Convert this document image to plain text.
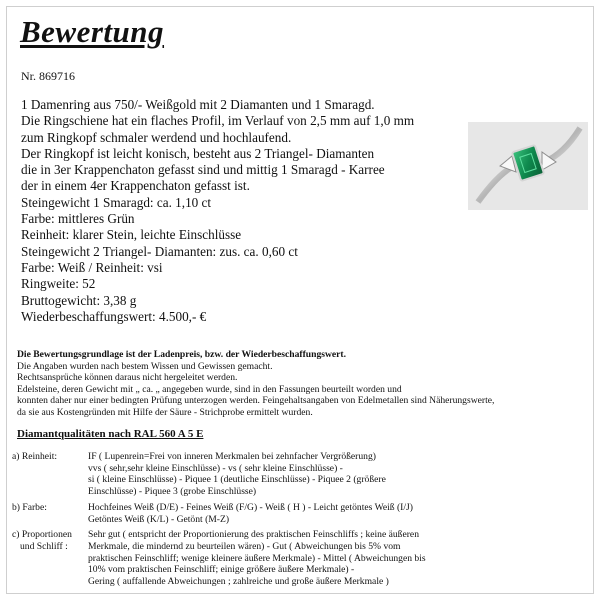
Bewertung
Nr. 869716
1 Damenring aus 750/- Weißgold mit 2 Diamanten und 1 Smaragd.
Die Ringschiene hat ein flaches Profil, im Verlauf von 2,5 mm auf 1,0 mm
zum Ringkopf schmaler werdend und hochlaufend.
Der Ringkopf ist leicht konisch, besteht aus 2 Triangel- Diamanten
die in 3er Krappenchaton gefasst sind und mittig 1 Smaragd - Karree
der in einem 4er Krappenchaton gefasst ist.
Steingewicht 1 Smaragd: ca. 1,10 ct
Farbe: mittleres Grün
Reinheit: klarer Stein, leichte Einschlüsse
Steingewicht 2 Triangel- Diamanten: zus. ca. 0,60 ct
Farbe: Weiß / Reinheit: vsi
Ringweite: 52
Bruttogewicht: 3,38 g
Wiederbeschaffungswert: 4.500,- €
Die Bewertungsgrundlage ist der Ladenpreis, bzw. der Wiederbeschaffungswert.
Die Angaben wurden nach bestem Wissen und Gewissen gemacht.
Rechtsansprüche können daraus nicht hergeleitet werden.
Edelsteine, deren Gewicht mit „ ca. „ angegeben wurde, sind in den Fassungen beurteilt worden und
konnten daher nur einer bedingten Prüfung unterzogen werden. Feingehaltsangaben von Edelmetallen sind Näherungswerte,
da sie aus Kostengründen mit Hilfe der Säure - Strichprobe ermittelt wurden.
Diamantqualitäten nach RAL 560 A 5 E
a) Reinheit:	IF ( Lupenrein=Frei von inneren Merkmalen bei zehnfacher Vergrößerung)
vvs ( sehr,sehr kleine Einschlüsse) - vs ( sehr kleine Einschlüsse) -
si ( kleine Einschlüsse) - Piquee 1 (deutliche Einschlüsse) - Piquee 2 (größere
Einschlüsse) - Piquee 3 (grobe Einschlüsse)
b) Farbe:	Hochfeines Weiß (D/E) - Feines Weiß (F/G) - Weiß ( H ) - Leicht getöntes Weiß (I/J)
Getöntes Weiß (K/L) - Getönt (M-Z)
c) Proportionen
und Schliff :
Sehr gut ( entspricht der Proportionierung des praktischen Feinschliffs ; keine äußeren
Merkmale, die mindernd zu beurteilen wären) - Gut ( Abweichungen bis 5% vom
praktischen Feinschliff; wenige kleinere äußere Merkmale) - Mittel ( Abweichungen bis
10% vom praktischen Feinschliff; einige größere äußere Merkmale) -
Gering ( auffallende Abweichungen ; zahlreiche und große äußere Merkmale )
